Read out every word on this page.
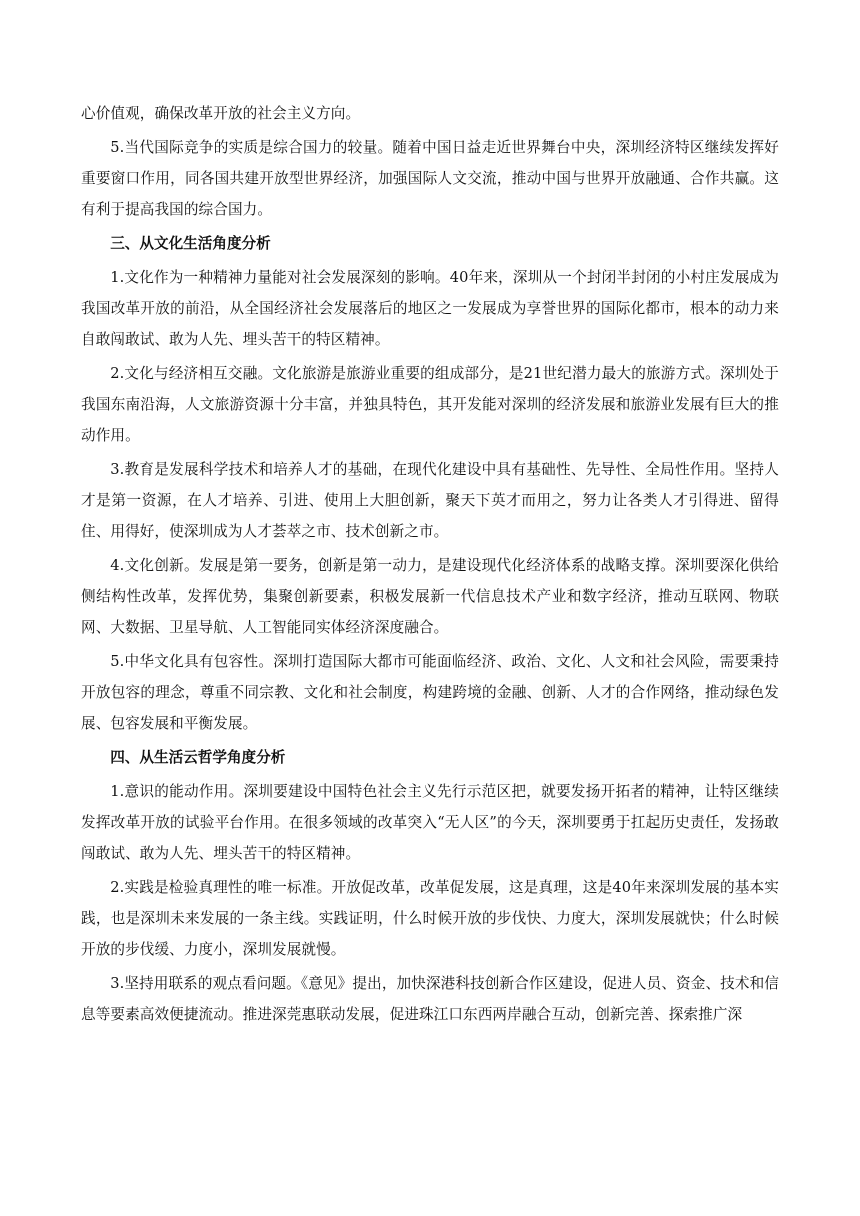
心价值观，确保改革开放的社会主义方向。

5.当代国际竞争的实质是综合国力的较量。随着中国日益走近世界舞台中央，深圳经济特区继续发挥好重要窗口作用，同各国共建开放型世界经济，加强国际人文交流，推动中国与世界开放融通、合作共赢。这有利于提高我国的综合国力。

三、从文化生活角度分析

1.文化作为一种精神力量能对社会发展深刻的影响。40年来，深圳从一个封闭半封闭的小村庄发展成为我国改革开放的前沿，从全国经济社会发展落后的地区之一发展成为享誉世界的国际化都市，根本的动力来自敢闯敢试、敢为人先、埋头苦干的特区精神。

2.文化与经济相互交融。文化旅游是旅游业重要的组成部分，是21世纪潜力最大的旅游方式。深圳处于我国东南沿海，人文旅游资源十分丰富，并独具特色，其开发能对深圳的经济发展和旅游业发展有巨大的推动作用。

3.教育是发展科学技术和培养人才的基础，在现代化建设中具有基础性、先导性、全局性作用。坚持人才是第一资源，在人才培养、引进、使用上大胆创新，聚天下英才而用之，努力让各类人才引得进、留得住、用得好，使深圳成为人才荟萃之市、技术创新之市。

4.文化创新。发展是第一要务，创新是第一动力，是建设现代化经济体系的战略支撑。深圳要深化供给侧结构性改革，发挥优势，集聚创新要素，积极发展新一代信息技术产业和数字经济，推动互联网、物联网、大数据、卫星导航、人工智能同实体经济深度融合。

5.中华文化具有包容性。深圳打造国际大都市可能面临经济、政治、文化、人文和社会风险，需要秉持开放包容的理念，尊重不同宗教、文化和社会制度，构建跨境的金融、创新、人才的合作网络，推动绿色发展、包容发展和平衡发展。

四、从生活云哲学角度分析

1.意识的能动作用。深圳要建设中国特色社会主义先行示范区把，就要发扬开拓者的精神，让特区继续发挥改革开放的试验平台作用。在很多领域的改革突入“无人区”的今天，深圳要勇于扛起历史责任，发扬敢闯敢试、敢为人先、埋头苦干的特区精神。

2.实践是检验真理性的唯一标准。开放促改革，改革促发展，这是真理，这是40年来深圳发展的基本实践，也是深圳未来发展的一条主线。实践证明，什么时候开放的步伐快、力度大，深圳发展就快；什么时候开放的步伐缓、力度小，深圳发展就慢。

3.坚持用联系的观点看问题。《意见》提出，加快深港科技创新合作区建设，促进人员、资金、技术和信息等要素高效便捷流动。推进深莞惠联动发展，促进珠江口东西两岸融合互动，创新完善、探索推广深
